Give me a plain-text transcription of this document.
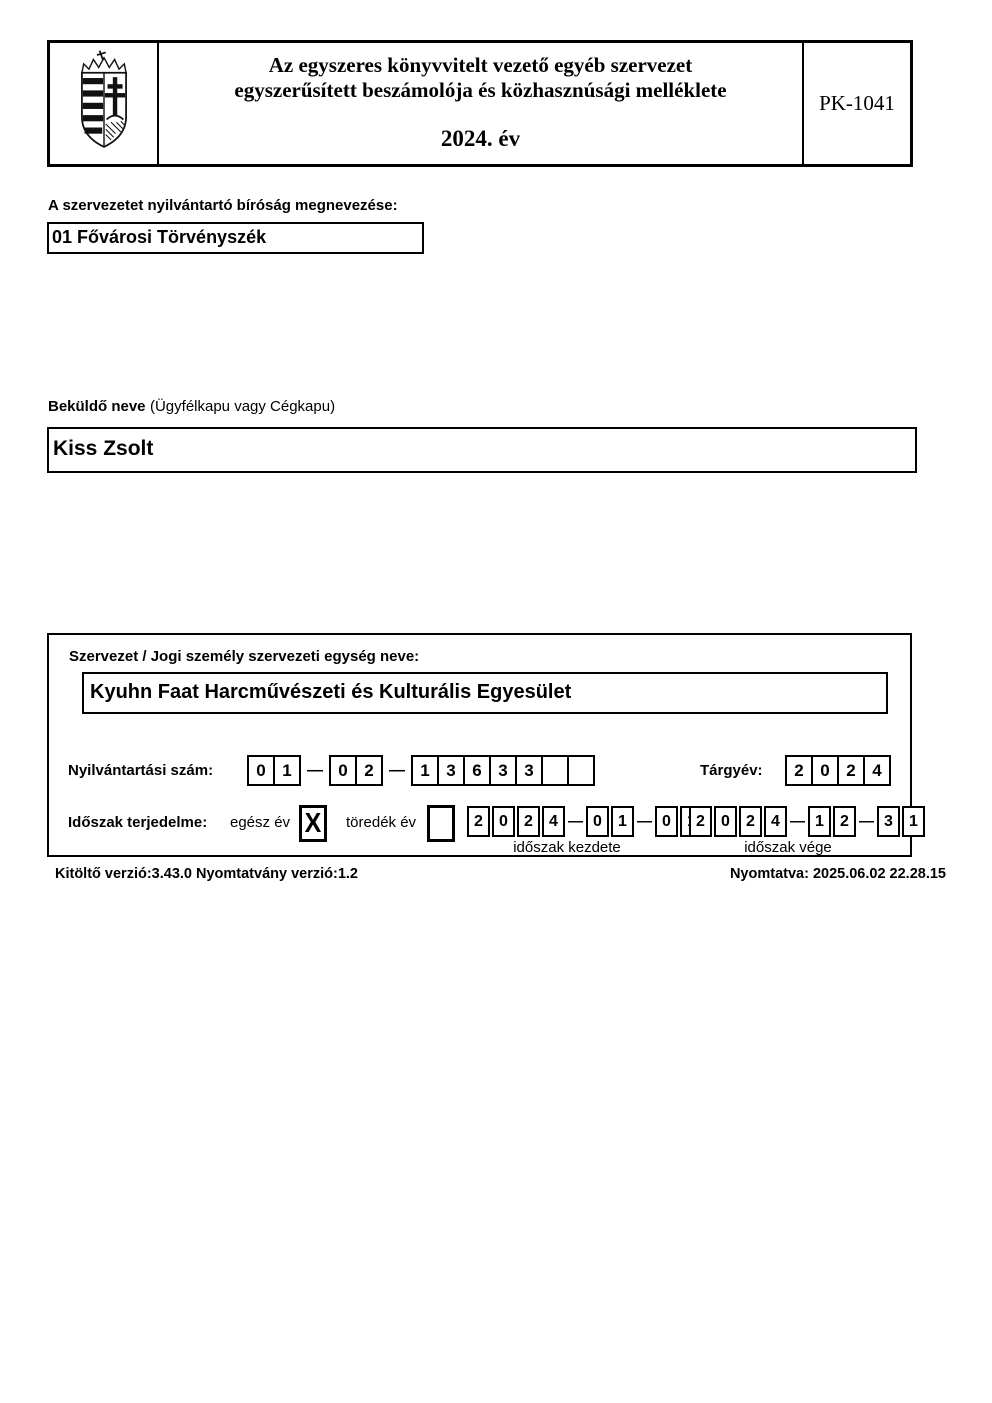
Az egyszeres könyvvitelt vezető egyéb szervezet
egyszerűsített beszámolója és közhasznúsági melléklete
2024. év
PK-1041
A szervezetet nyilvántartó bíróság megnevezése:
01 Fővárosi Törvényszék
Beküldő neve (Ügyfélkapu vagy Cégkapu)
Kiss Zsolt
Szervezet / Jogi személy szervezeti egység neve:
Kyuhn Faat Harcművészeti és Kulturális Egyesület
Nyilvántartási szám:	0 1 — 0 2 — 1 3 6 3 3	Tárgyév:	2 0 2 4
Időszak terjedelme: egész év X töredék év	2	0	2	4 — 0	1 — 0
időszak kezdete
2	0	2	4 — 1	2 — 3	1
időszak vége
Kitöltő verzió:3.43.0 Nyomtatvány verzió:1.2	Nyomtatva: 2025.06.02 22.28.15
